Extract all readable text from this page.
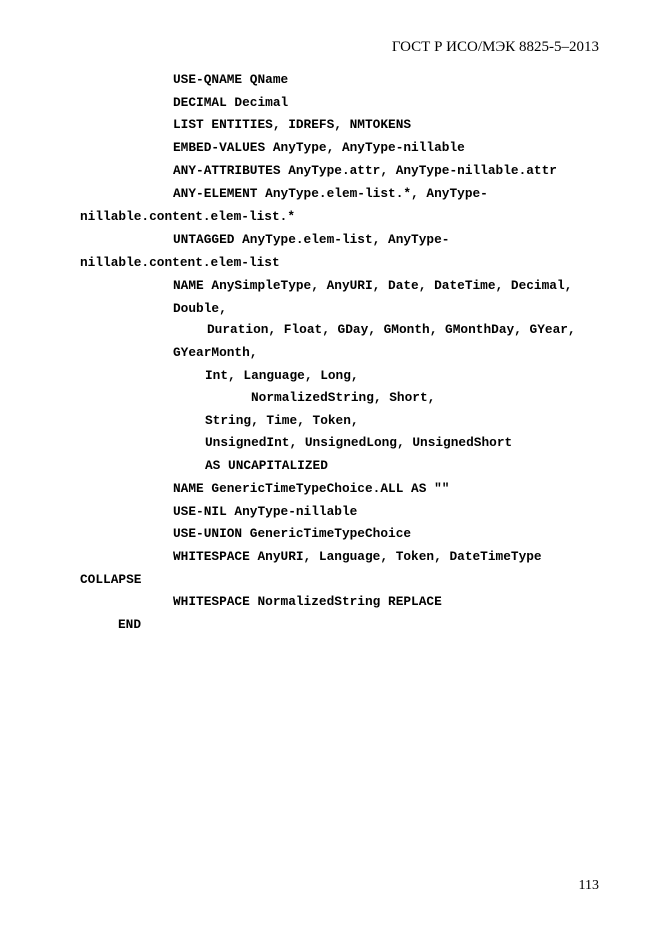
ГОСТ Р ИСО/МЭК 8825-5–2013
USE-QNAME QName
DECIMAL Decimal
LIST ENTITIES, IDREFS, NMTOKENS
EMBED-VALUES AnyType, AnyType-nillable
ANY-ATTRIBUTES AnyType.attr, AnyType-nillable.attr
ANY-ELEMENT AnyType.elem-list.*, AnyType-
nillable.content.elem-list.*
UNTAGGED AnyType.elem-list, AnyType-
nillable.content.elem-list
NAME AnySimpleType, AnyURI, Date, DateTime, Decimal,
Double,
Duration, Float, GDay, GMonth, GMonthDay, GYear,
GYearMonth,
Int, Language, Long,
NormalizedString, Short,
String, Time, Token,
UnsignedInt, UnsignedLong, UnsignedShort
AS UNCAPITALIZED
NAME GenericTimeTypeChoice.ALL AS ""
USE-NIL AnyType-nillable
USE-UNION GenericTimeTypeChoice
WHITESPACE AnyURI, Language, Token, DateTimeType
COLLAPSE
WHITESPACE NormalizedString REPLACE
END
113
